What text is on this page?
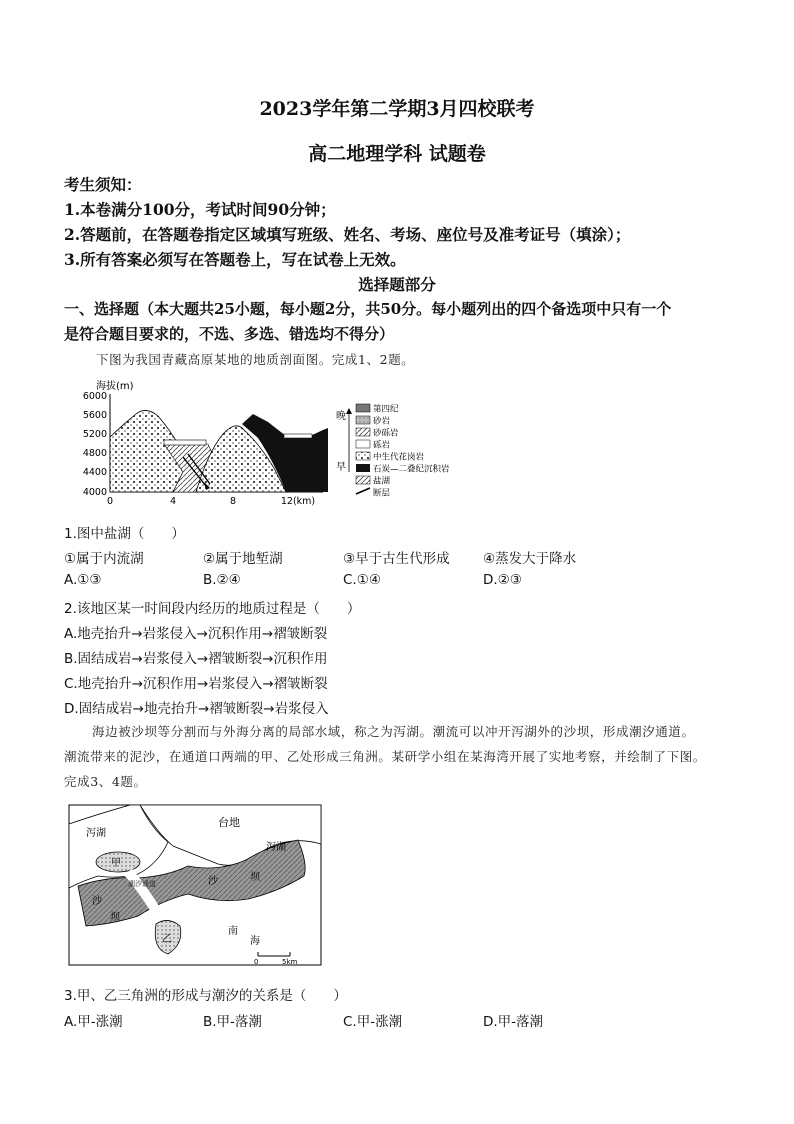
2023学年第二学期3月四校联考
高二地理学科 试题卷
考生须知：
1.本卷满分100分，考试时间90分钟；
2.答题前，在答题卷指定区域填写班级、姓名、考场、座位号及准考证号（填涂）；
3.所有答案必须写在答题卷上，写在试卷上无效。
选择题部分
一、选择题（本大题共25小题，每小题2分，共50分。每小题列出的四个备选项中只有一个
是符合题目要求的，不选、多选、错选均不得分）
下图为我国青藏高原某地的地质剖面图。完成1、2题。
海拔(m)
6000
5600
5200
4800
4400
4000
0	4	8	12(km)
晚
早
第四纪
砂岩
砂砾岩
砾岩
中生代花岗岩
石炭—二叠纪沉积岩
盐湖
断层
1.图中盐湖（　　）
①属于内流湖	②属于地堑湖	③早于古生代形成 ④蒸发大于降水
A.①③	B.②④	C.①④	D.②③
2.该地区某一时间段内经历的地质过程是（　　）
A.地壳抬升→岩浆侵入→沉积作用→褶皱断裂
B.固结成岩→岩浆侵入→褶皱断裂→沉积作用
C.地壳抬升→沉积作用→岩浆侵入→褶皱断裂
D.固结成岩→地壳抬升→褶皱断裂→岩浆侵入
海边被沙坝等分割而与外海分离的局部水域，称之为泻湖。潮流可以冲开泻湖外的沙坝，形成潮汐通道。
潮流带来的泥沙，在通道口两端的甲、乙处形成三角洲。某研学小组在某海湾开展了实地考察，并绘制了下图。
完成3、4题。
台地
泻湖
泻湖
甲
乙
潮汐通道
沙
坝
沙	坝
南
海
0	5km
3.甲、乙三角洲的形成与潮汐的关系是（　　）
A.甲-涨潮	B.甲-落潮	C.甲-涨潮	D.甲-落潮
